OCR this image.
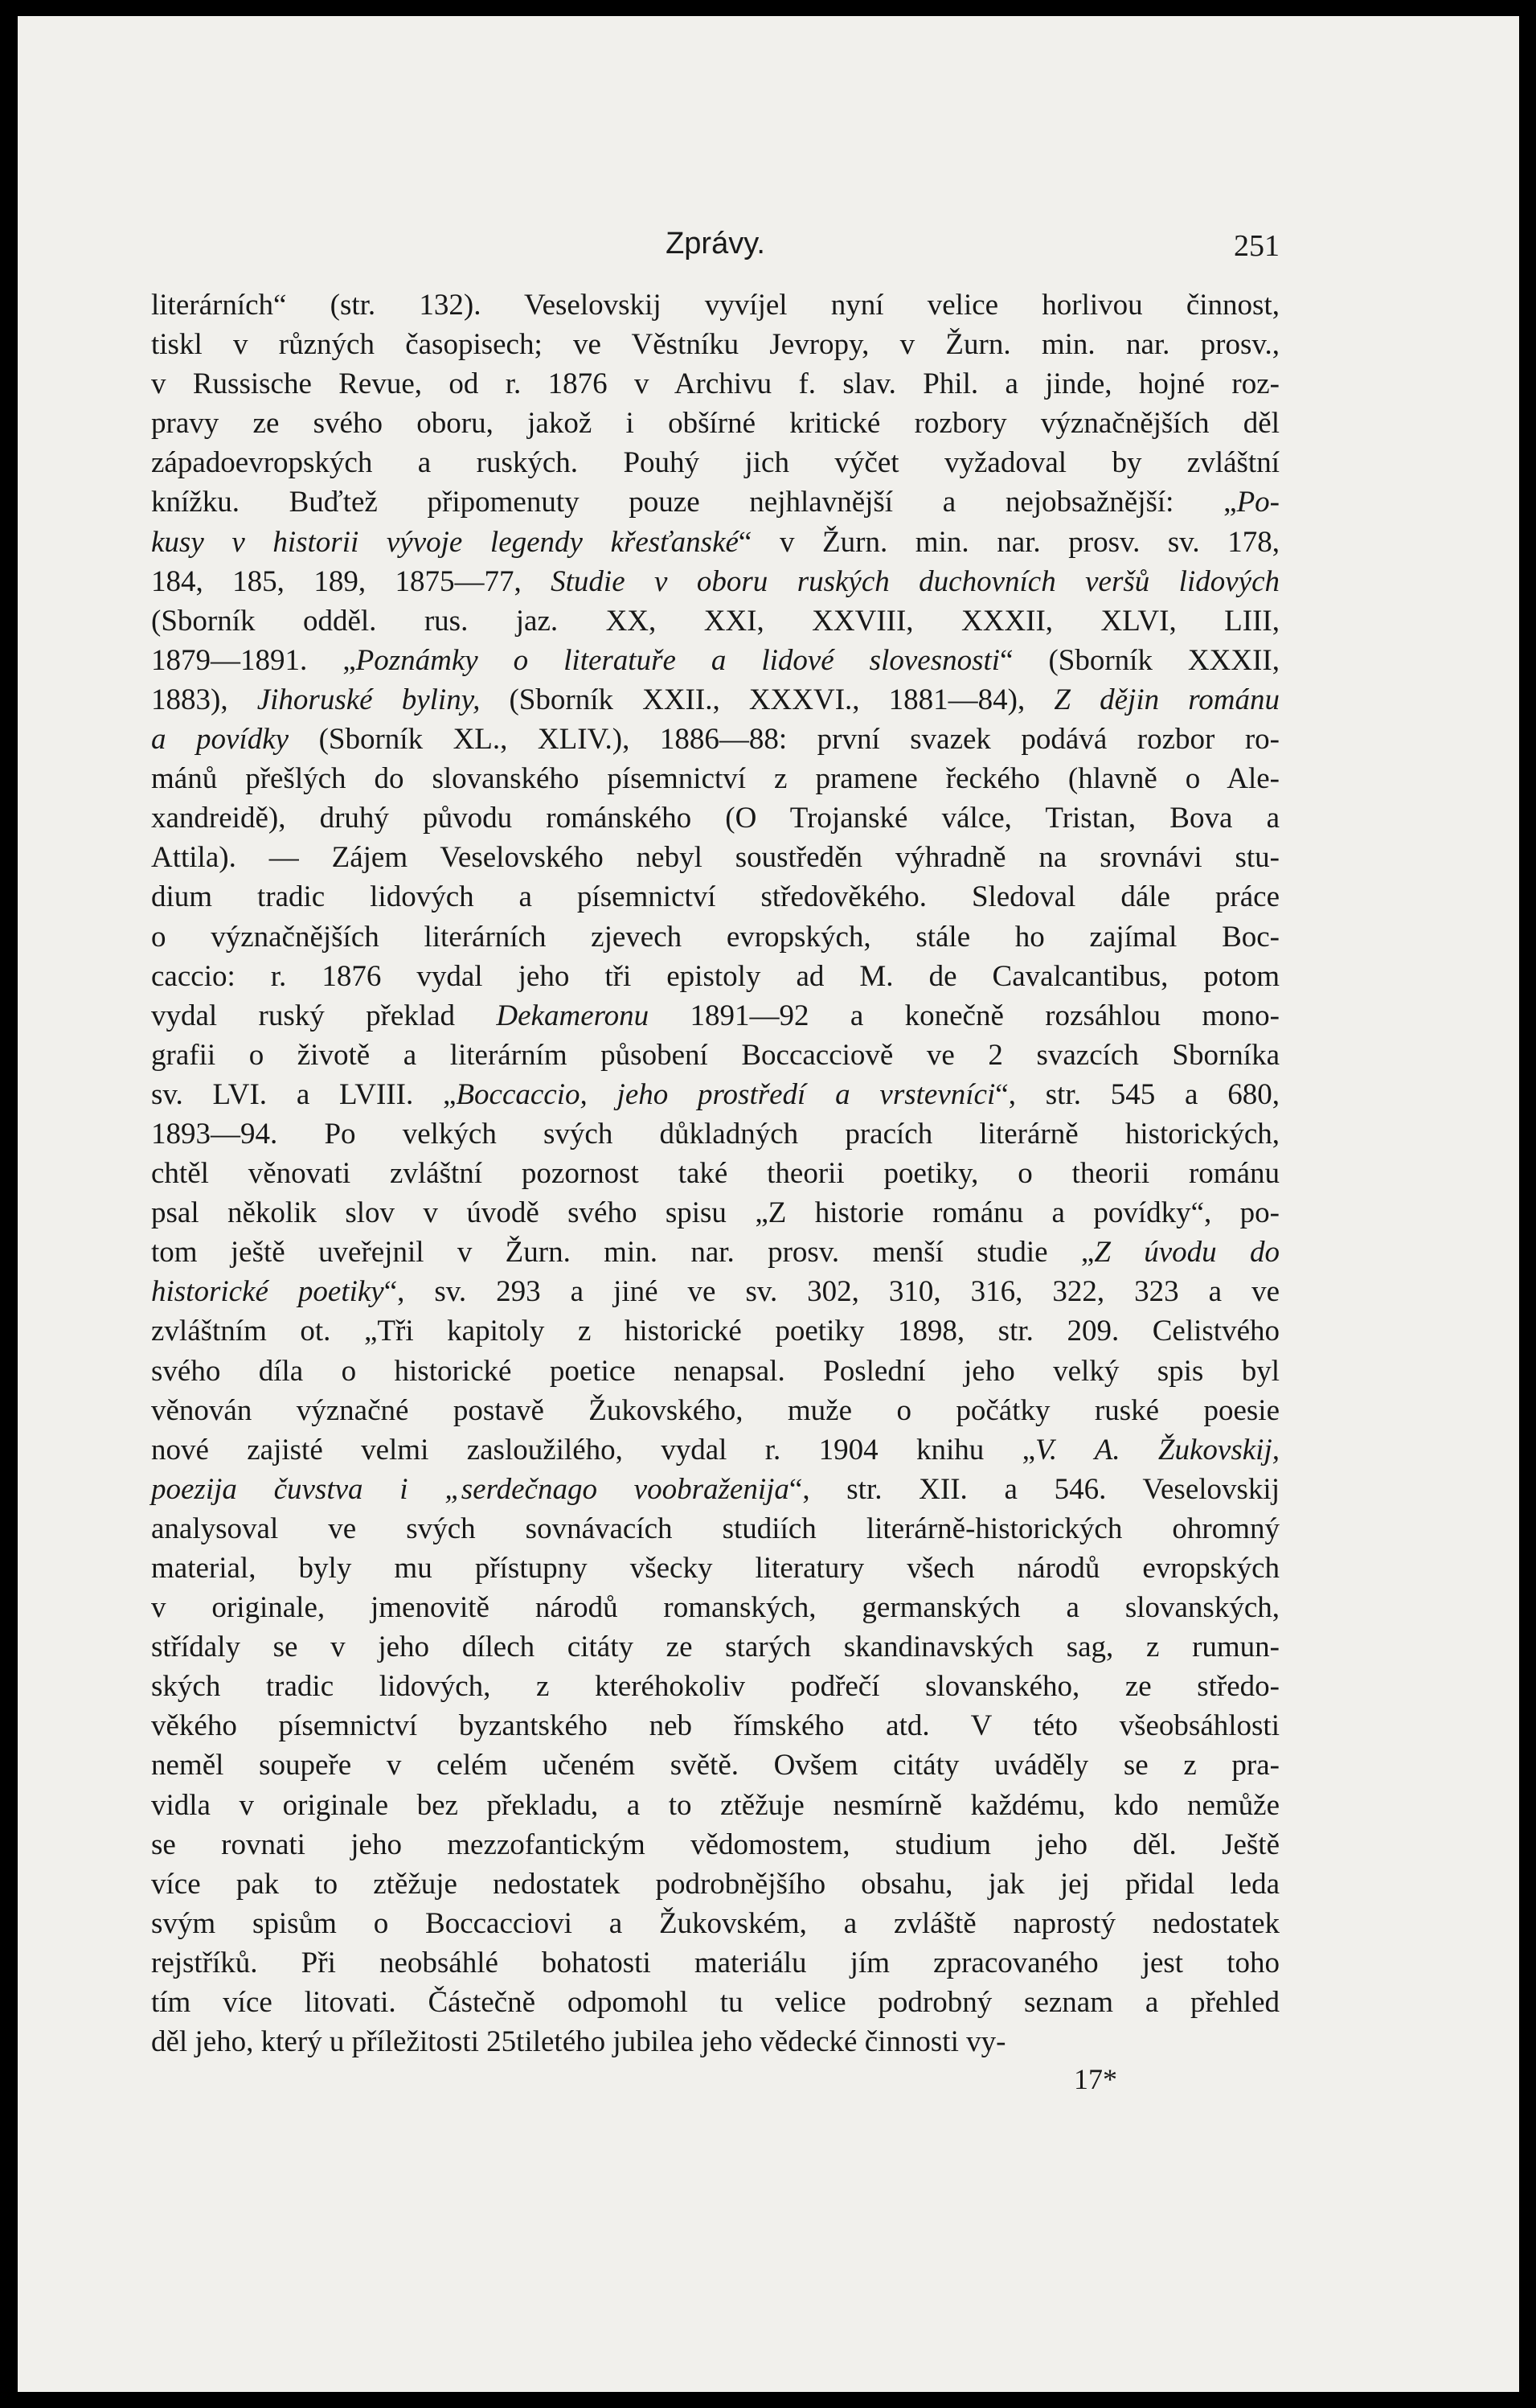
Zprávy.	251
literárních“ (str. 132). Veselovskij vyvíjel nyní velice horlivou činnost,
tiskl v různých časopisech; ve Věstníku Jevropy, v Žurn. min. nar. prosv.,
v Russische Revue, od r. 1876 v Archivu f. slav. Phil. a jinde, hojné roz-
pravy ze svého oboru, jakož i obšírné kritické rozbory význačnějších děl
západoevropských a ruských. Pouhý jich výčet vyžadoval by zvláštní
knížku. Buďtež připomenuty pouze nejhlavnější a nejobsažnější: „Po-
kusy v historii vývoje legendy křesťanské“ v Žurn. min. nar. prosv. sv. 178,
184, 185, 189, 1875—77, Studie v oboru ruských duchovních veršů lidových
(Sborník odděl. rus. jaz. XX, XXI, XXVIII, XXXII, XLVI, LIII,
1879—1891. „Poznámky o literatuře a lidové slovesnosti“ (Sborník XXXII,
1883), Jihoruské byliny, (Sborník XXII., XXXVI., 1881—84), Z dějin románu
a povídky (Sborník XL., XLIV.), 1886—88: první svazek podává rozbor ro-
mánů přešlých do slovanského písemnictví z pramene řeckého (hlavně o Ale-
xandreidě), druhý původu románského (O Trojanské válce, Tristan, Bova a
Attila). — Zájem Veselovského nebyl soustředěn výhradně na srovnávi stu-
dium tradic lidových a písemnictví středověkého. Sledoval dále práce
o význačnějších literárních zjevech evropských, stále ho zajímal Boc-
caccio: r. 1876 vydal jeho tři epistoly ad M. de Cavalcantibus, potom
vydal ruský překlad Dekameronu 1891—92 a konečně rozsáhlou mono-
grafii o životě a literárním působení Boccacciově ve 2 svazcích Sborníka
sv. LVI. a LVIII. „Boccaccio, jeho prostředí a vrstevníci“, str. 545 a 680,
1893—94. Po velkých svých důkladných pracích literárně historických,
chtěl věnovati zvláštní pozornost také theorii poetiky, o theorii románu
psal několik slov v úvodě svého spisu „Z historie románu a povídky“, po-
tom ještě uveřejnil v Žurn. min. nar. prosv. menší studie „Z úvodu do
historické poetiky“, sv. 293 a jiné ve sv. 302, 310, 316, 322, 323 a ve
zvláštním ot. „Tři kapitoly z historické poetiky 1898, str. 209. Celistvého
svého díla o historické poetice nenapsal. Poslední jeho velký spis byl
věnován význačné postavě Žukovského, muže o počátky ruské poesie
nové zajisté velmi zasloužilého, vydal r. 1904 knihu „V. A. Žukovskij,
poezija čuvstva i „serdečnago voobraženija“, str. XII. a 546. Veselovskij
analysoval ve svých sovnávacích studiích literárně-historických ohromný
material, byly mu přístupny všecky literatury všech národů evropských
v originale, jmenovitě národů romanských, germanských a slovanských,
střídaly se v jeho dílech citáty ze starých skandinavských sag, z rumun-
ských tradic lidových, z kteréhokoliv podřečí slovanského, ze středo-
věkého písemnictví byzantského neb římského atd. V této všeobsáhlosti
neměl soupeře v celém učeném světě. Ovšem citáty uváděly se z pra-
vidla v originale bez překladu, a to ztěžuje nesmírně každému, kdo nemůže
se rovnati jeho mezzofantickým vědomostem, studium jeho děl. Ještě
více pak to ztěžuje nedostatek podrobnějšího obsahu, jak jej přidal leda
svým spisům o Boccacciovi a Žukovském, a zvláště naprostý nedostatek
rejstříků. Při neobsáhlé bohatosti materiálu jím zpracovaného jest toho
tím více litovati. Částečně odpomohl tu velice podrobný seznam a přehled
děl jeho, který u příležitosti 25tiletého jubilea jeho vědecké činnosti vy-
17*
